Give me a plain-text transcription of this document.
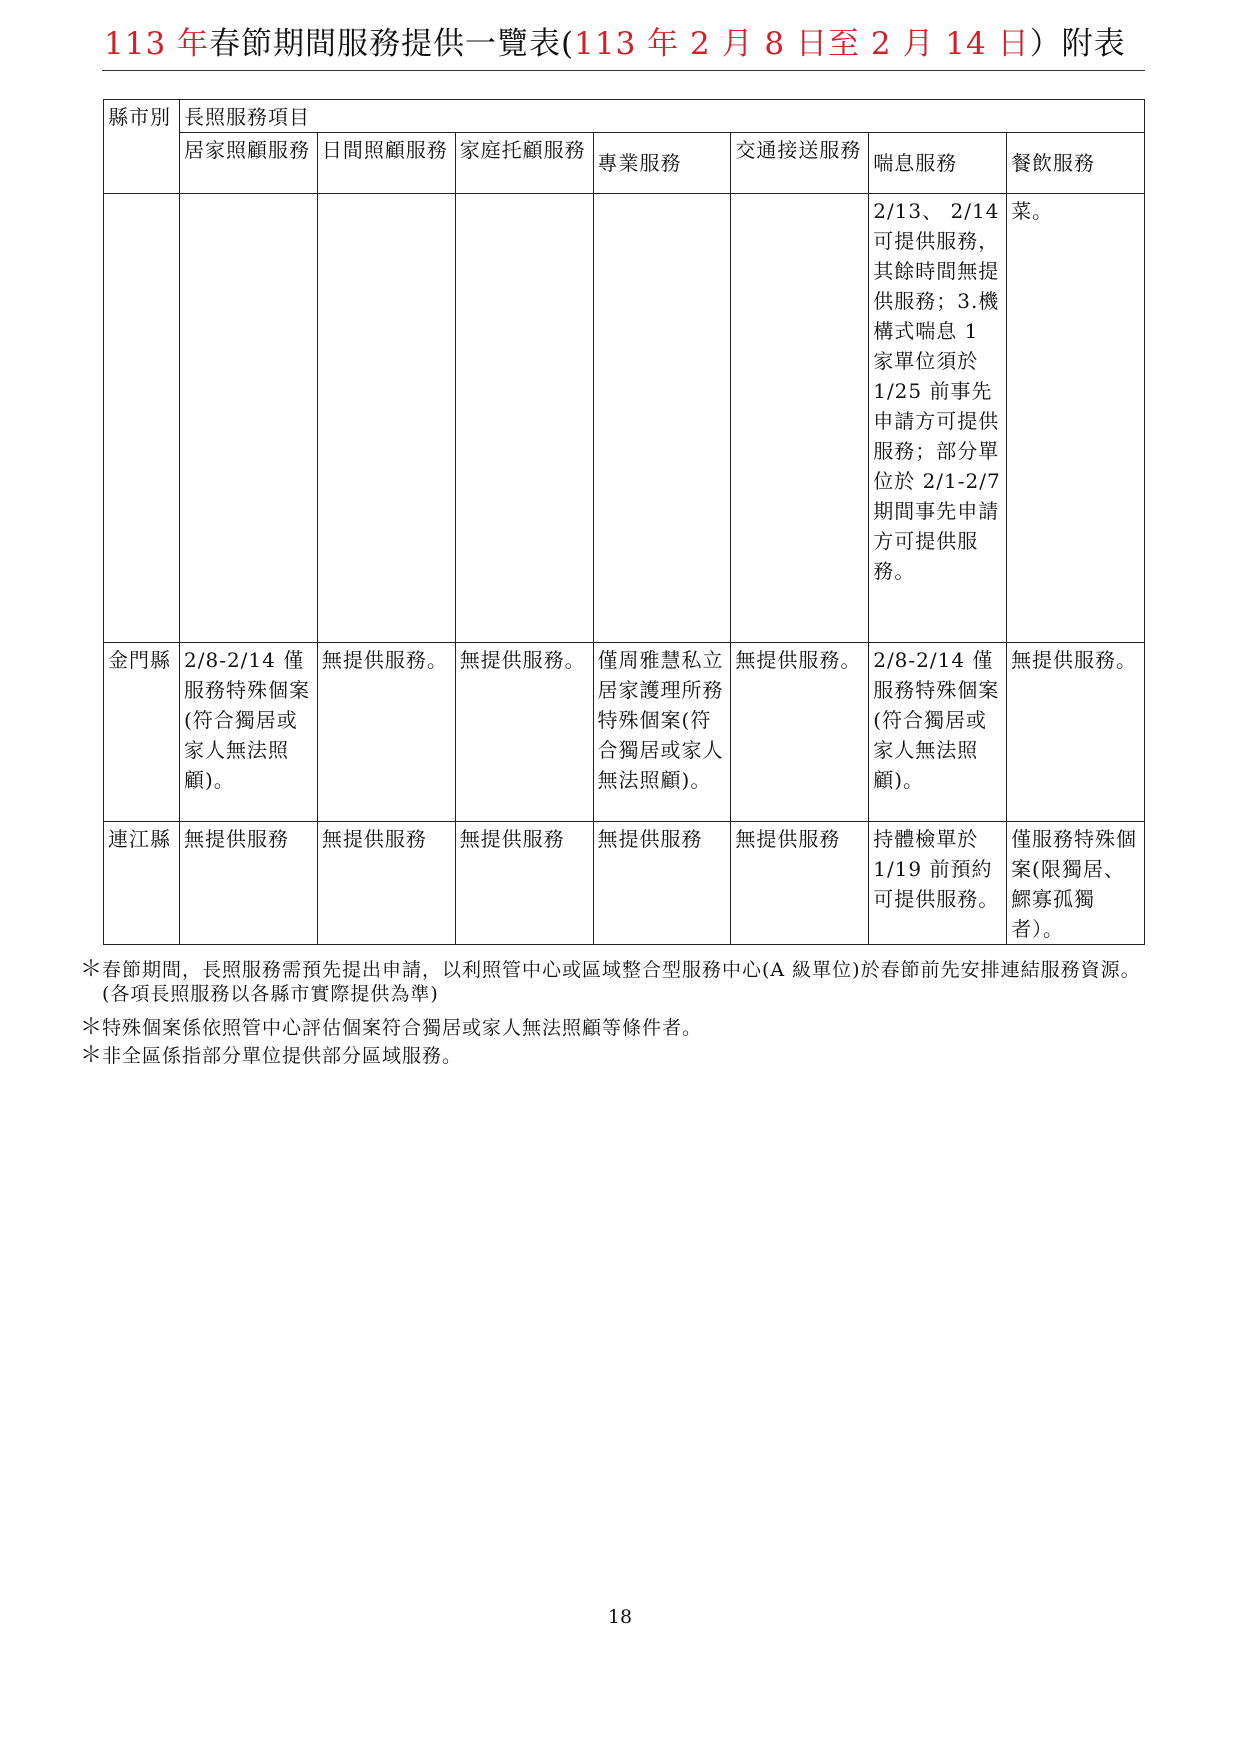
113 年春節期間服務提供一覽表(113 年 2 月 8 日至 2 月 14 日）附表
縣市別	長照服務項目						
	居家照顧服務	日間照顧服務	家庭托顧服務	專業服務	交通接送服務	喘息服務	餐飲服務
						2/13、 2/14 可提供服務，其餘時間無提供服務；3.機構式喘息 1 家單位須於 1/25 前事先申請方可提供服務；部分單位於 2/1-2/7 期間事先申請方可提供服務。	菜。
金門縣	2/8-2/14 僅服務特殊個案(符合獨居或家人無法照顧)。	無提供服務。	無提供服務。	僅周雅慧私立居家護理所務特殊個案(符合獨居或家人無法照顧)。	無提供服務。	2/8-2/14 僅服務特殊個案(符合獨居或家人無法照顧)。	無提供服務。
連江縣	無提供服務	無提供服務	無提供服務	無提供服務	無提供服務	持體檢單於 1/19 前預約可提供服務。	僅服務特殊個案(限獨居、鰥寡孤獨者）。
＊
春節期間，長照服務需預先提出申請，以利照管中心或區域整合型服務中心(A 級單位)於春節前先安排連結服務資源。(各項長照服務以各縣市實際提供為準)
＊
特殊個案係依照管中心評估個案符合獨居或家人無法照顧等條件者。
＊
非全區係指部分單位提供部分區域服務。
18
